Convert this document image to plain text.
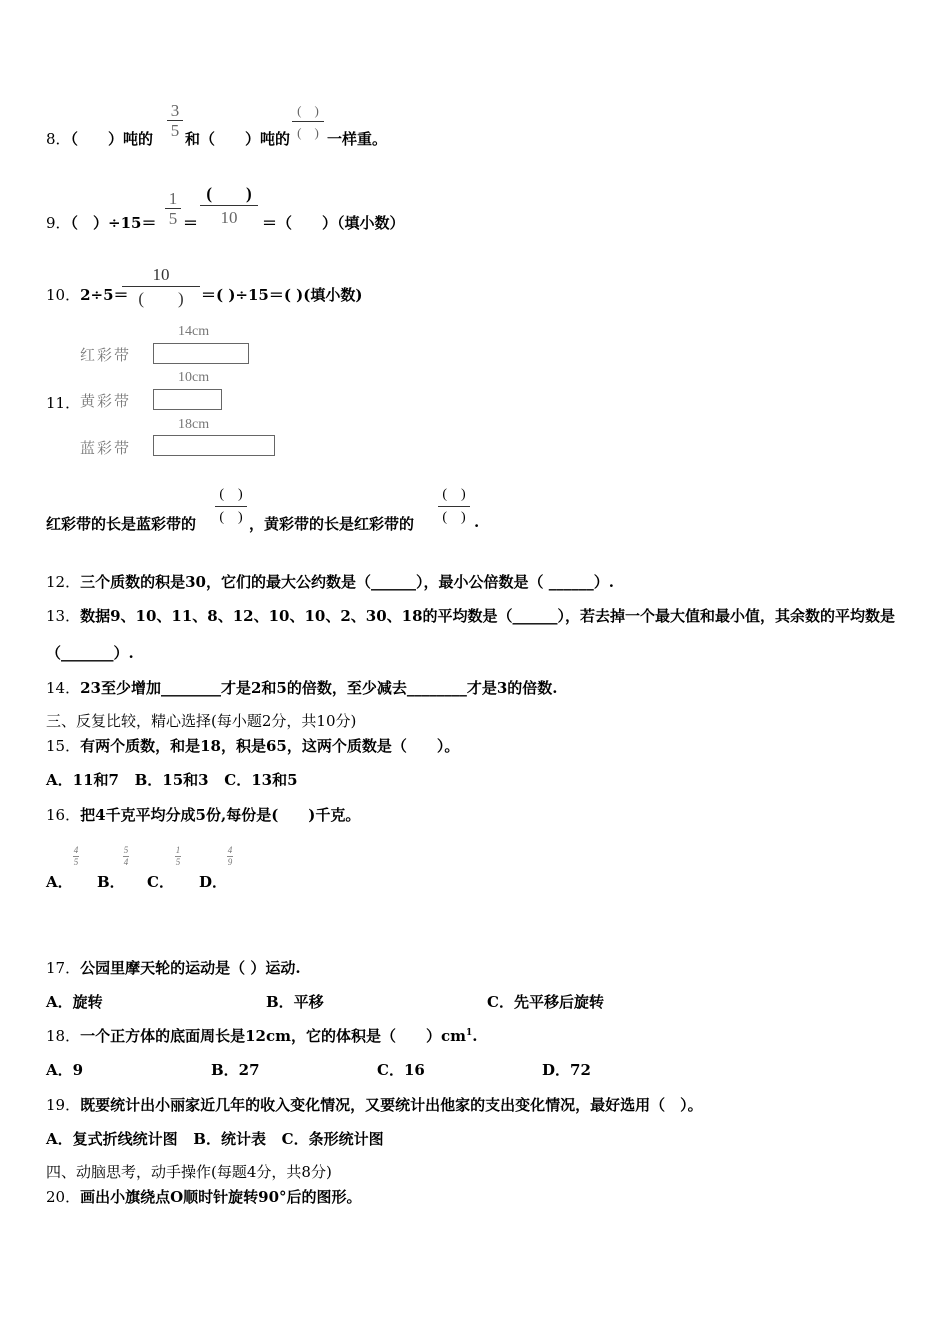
8．（　　）吨的
3
5 和（　　）吨的
(　)
(　) 一样重。
9．（　）÷15＝
1
5 ＝
(　　)
10	＝（　　）（填小数）
10．2÷5＝
10
(　　)	＝( )÷15＝( )(填小数)
14cm
红彩带
11．
10cm
黄彩带
18cm
蓝彩带
红彩带的长是蓝彩带的
(　)
(　) ，黄彩带的长是红彩带的
(　)
(　) .
12．三个质数的积是30，它们的最大公约数是（______），最小公倍数是（ ______）.
13．数据9、10、11、8、12、10、10、2、30、18的平均数是（______），若去掉一个最大值和最小值，其余数的平均数是
（_______）.
14．23至少增加________才是2和5的倍数，至少减去________才是3的倍数.
三、反复比较，精心选择(每小题2分，共10分)
15．有两个质数，和是18，积是65，这两个质数是（　　）。
A．11和7   B．15和3   C．13和5
16．把4千克平均分成5份,每份是(　　)千克。
A．
4
5
B．
5
4
C．
1
5
D．
4
9
17．公园里摩天轮的运动是（ ）运动.
A．旋转	B．平移	C．先平移后旋转
18．一个正方体的底面周长是12cm，它的体积是（　　）$cm^1$.
A．9	B．27	C．16	D．72
19．既要统计出小丽家近几年的收入变化情况，又要统计出他家的支出变化情况，最好选用（　）。
A．复式折线统计图   B．统计表   C．条形统计图
四、动脑思考，动手操作(每题4分，共8分)
20．画出小旗绕点O顺时针旋转90°后的图形。
